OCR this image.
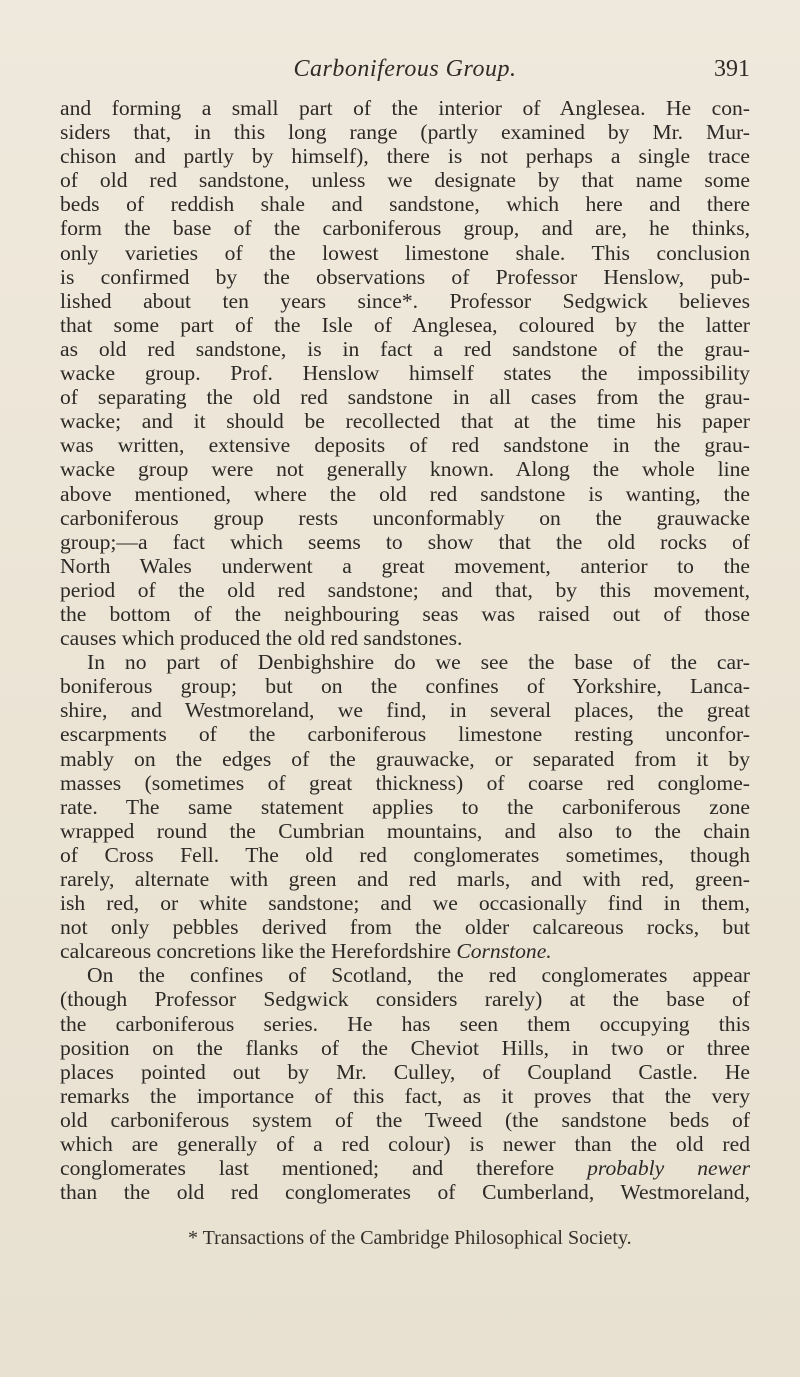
Carboniferous Group.	391

and forming a small part of the interior of Anglesea. He con-
siders that, in this long range (partly examined by Mr. Mur-
chison and partly by himself), there is not perhaps a single trace
of old red sandstone, unless we designate by that name some
beds of reddish shale and sandstone, which here and there
form the base of the carboniferous group, and are, he thinks,
only varieties of the lowest limestone shale. This conclusion
is confirmed by the observations of Professor Henslow, pub-
lished about ten years since*. Professor Sedgwick believes
that some part of the Isle of Anglesea, coloured by the latter
as old red sandstone, is in fact a red sandstone of the grau-
wacke group. Prof. Henslow himself states the impossibility
of separating the old red sandstone in all cases from the grau-
wacke; and it should be recollected that at the time his paper
was written, extensive deposits of red sandstone in the grau-
wacke group were not generally known. Along the whole line
above mentioned, where the old red sandstone is wanting, the
carboniferous group rests unconformably on the grauwacke
group;—a fact which seems to show that the old rocks of
North Wales underwent a great movement, anterior to the
period of the old red sandstone; and that, by this movement,
the bottom of the neighbouring seas was raised out of those
causes which produced the old red sandstones.

In no part of Denbighshire do we see the base of the car-
boniferous group; but on the confines of Yorkshire, Lanca-
shire, and Westmoreland, we find, in several places, the great
escarpments of the carboniferous limestone resting unconfor-
mably on the edges of the grauwacke, or separated from it by
masses (sometimes of great thickness) of coarse red conglome-
rate. The same statement applies to the carboniferous zone
wrapped round the Cumbrian mountains, and also to the chain
of Cross Fell. The old red conglomerates sometimes, though
rarely, alternate with green and red marls, and with red, green-
ish red, or white sandstone; and we occasionally find in them,
not only pebbles derived from the older calcareous rocks, but
calcareous concretions like the Herefordshire Cornstone.

On the confines of Scotland, the red conglomerates appear
(though Professor Sedgwick considers rarely) at the base of
the carboniferous series. He has seen them occupying this
position on the flanks of the Cheviot Hills, in two or three
places pointed out by Mr. Culley, of Coupland Castle. He
remarks the importance of this fact, as it proves that the very
old carboniferous system of the Tweed (the sandstone beds of
which are generally of a red colour) is newer than the old red
conglomerates last mentioned; and therefore probably newer
than the old red conglomerates of Cumberland, Westmoreland,

* Transactions of the Cambridge Philosophical Society.
